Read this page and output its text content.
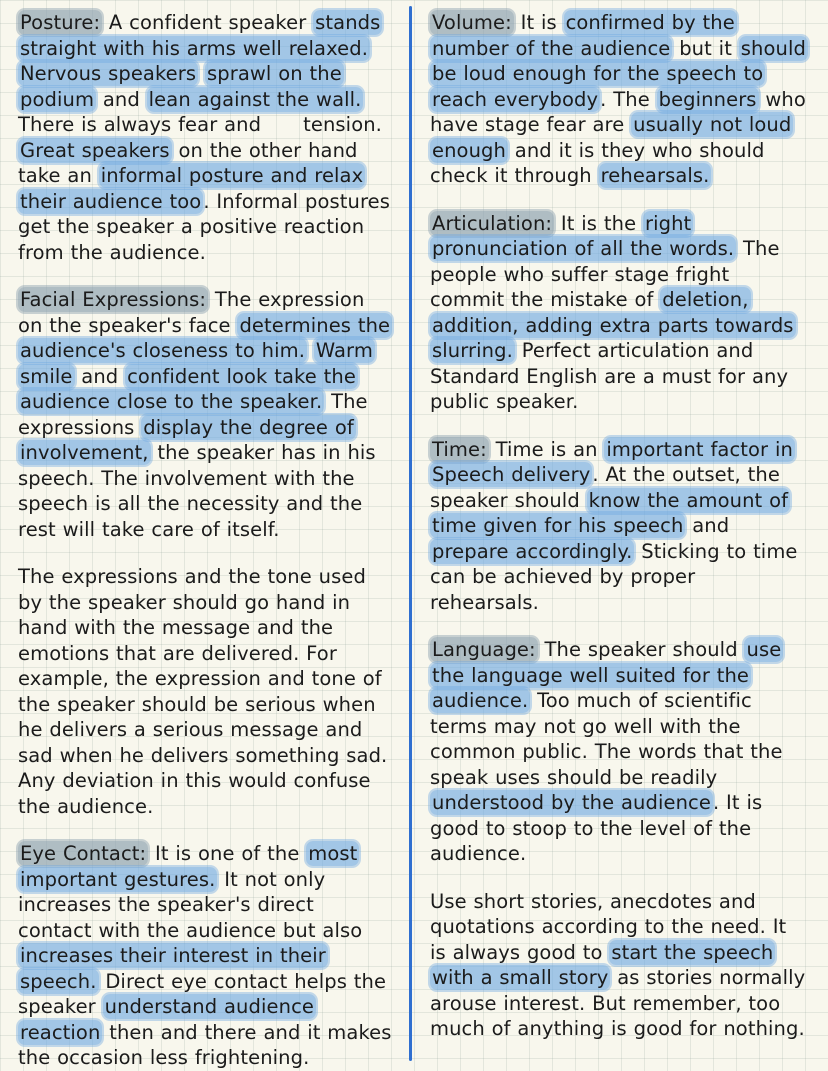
Posture: A confident speaker stands straight with his arms well relaxed. Nervous speakers sprawl on the podium and lean against the wall. There is always fear and tension. Great speakers on the other hand take an informal posture and relax their audience too . Informal postures get the speaker a positive reaction from the audience.

Facial Expressions: The expression on the speaker's face determines the audience's closeness to him. Warm smile and confident look take the audience close to the speaker. The expressions display the degree of involvement, the speaker has in his speech. The involvement with the speech is all the necessity and the rest will take care of itself.

The expressions and the tone used by the speaker should go hand in hand with the message and the emotions that are delivered. For example, the expression and tone of the speaker should be serious when he delivers a serious message and sad when he delivers something sad. Any deviation in this would confuse the audience.

Eye Contact: It is one of the most important gestures. It not only increases the speaker's direct contact with the audience but also increases their interest in their speech. Direct eye contact helps the speaker understand audience reaction then and there and it makes the occasion less frightening.

Volume: It is confirmed by the number of the audience but it should be loud enough for the speech to reach everybody . The beginners who have stage fear are usually not loud enough and it is they who should check it through rehearsals.

Articulation: It is the right pronunciation of all the words. The people who suffer stage fright commit the mistake of deletion, addition, adding extra parts towards slurring. Perfect articulation and Standard English are a must for any public speaker.

Time: Time is an important factor in Speech delivery . At the outset, the speaker should know the amount of time given for his speech and prepare accordingly. Sticking to time can be achieved by proper rehearsals.

Language: The speaker should use the language well suited for the audience. Too much of scientific terms may not go well with the common public. The words that the speak uses should be readily understood by the audience . It is good to stoop to the level of the audience.

Use short stories, anecdotes and quotations according to the need. It is always good to start the speech with a small story as stories normally arouse interest. But remember, too much of anything is good for nothing.
